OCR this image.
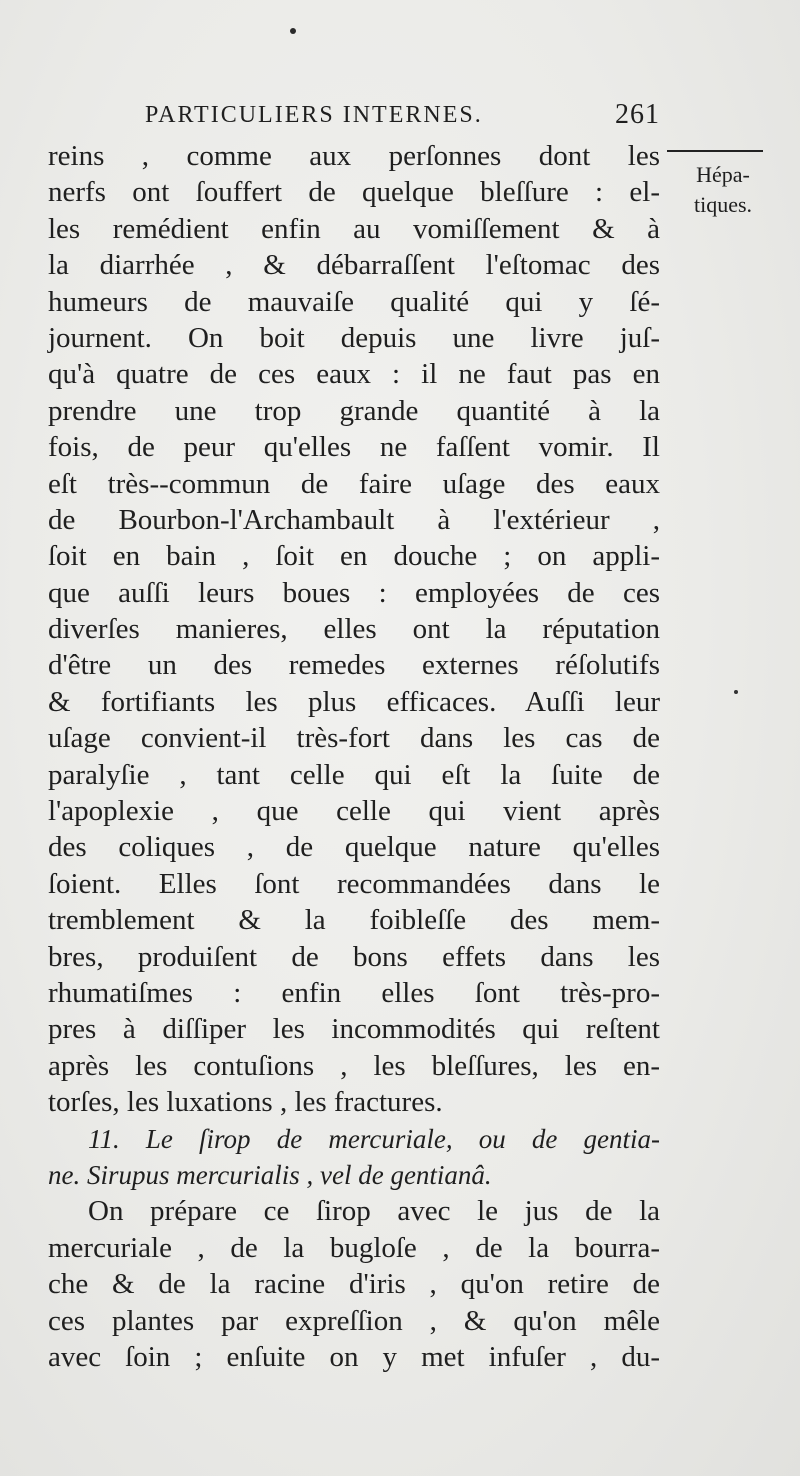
PARTICULIERS INTERNES.	261
Hépa-
tiques.
reins , comme aux perſonnes dont les
nerfs ont ſouffert de quelque bleſſure : el-
les remédient enfin au vomiſſement & à
la diarrhée , & débarraſſent l'eſtomac des
humeurs de mauvaiſe qualité qui y ſé-
journent. On boit depuis une livre juſ-
qu'à quatre de ces eaux : il ne faut pas en
prendre une trop grande quantité à la
fois, de peur qu'elles ne faſſent vomir. Il
eſt très--commun de faire uſage des eaux
de Bourbon-l'Archambault à l'extérieur ,
ſoit en bain , ſoit en douche ; on appli-
que auſſi leurs boues : employées de ces
diverſes manieres, elles ont la réputation
d'être un des remedes externes réſolutifs
& fortifiants les plus efficaces. Auſſi leur
uſage convient-il très-fort dans les cas de
paralyſie , tant celle qui eſt la ſuite de
l'apoplexie , que celle qui vient après
des coliques , de quelque nature qu'elles
ſoient. Elles ſont recommandées dans le
tremblement & la foibleſſe des mem-
bres, produiſent de bons effets dans les
rhumatiſmes : enfin elles ſont très-pro-
pres à diſſiper les incommodités qui reſtent
après les contuſions , les bleſſures, les en-
torſes, les luxations , les fractures.
11. Le ſirop de mercuriale, ou de gentia-
ne. Sirupus mercurialis , vel de gentianâ.
On prépare ce ſirop avec le jus de la
mercuriale , de la bugloſe , de la bourra-
che & de la racine d'iris , qu'on retire de
ces plantes par expreſſion , & qu'on mêle
avec ſoin ; enſuite on y met infuſer , du-
